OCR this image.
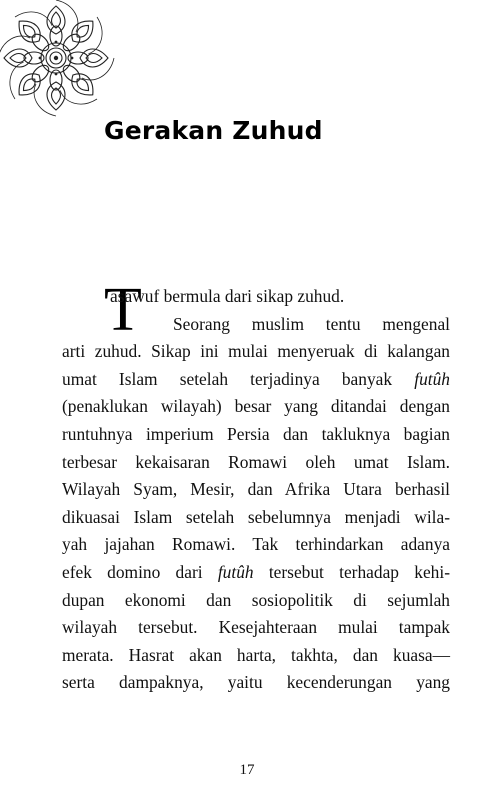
Gerakan Zuhud
T
asawuf bermula dari sikap zuhud.
Seorang muslim tentu mengenal
arti zuhud. Sikap ini mulai menyeruak di kalangan
umat Islam setelah terjadinya banyak futûh
(penaklukan wilayah) besar yang ditandai dengan
runtuhnya imperium Persia dan takluknya bagian
terbesar kekaisaran Romawi oleh umat Islam.
Wilayah Syam, Mesir, dan Afrika Utara berhasil
dikuasai Islam setelah sebelumnya menjadi wila-
yah jajahan Romawi. Tak terhindarkan adanya
efek domino dari futûh tersebut terhadap kehi-
dupan ekonomi dan sosiopolitik di sejumlah
wilayah tersebut. Kesejahteraan mulai tampak
merata. Hasrat akan harta, takhta, dan kuasa—
serta dampaknya, yaitu kecenderungan yang
17
